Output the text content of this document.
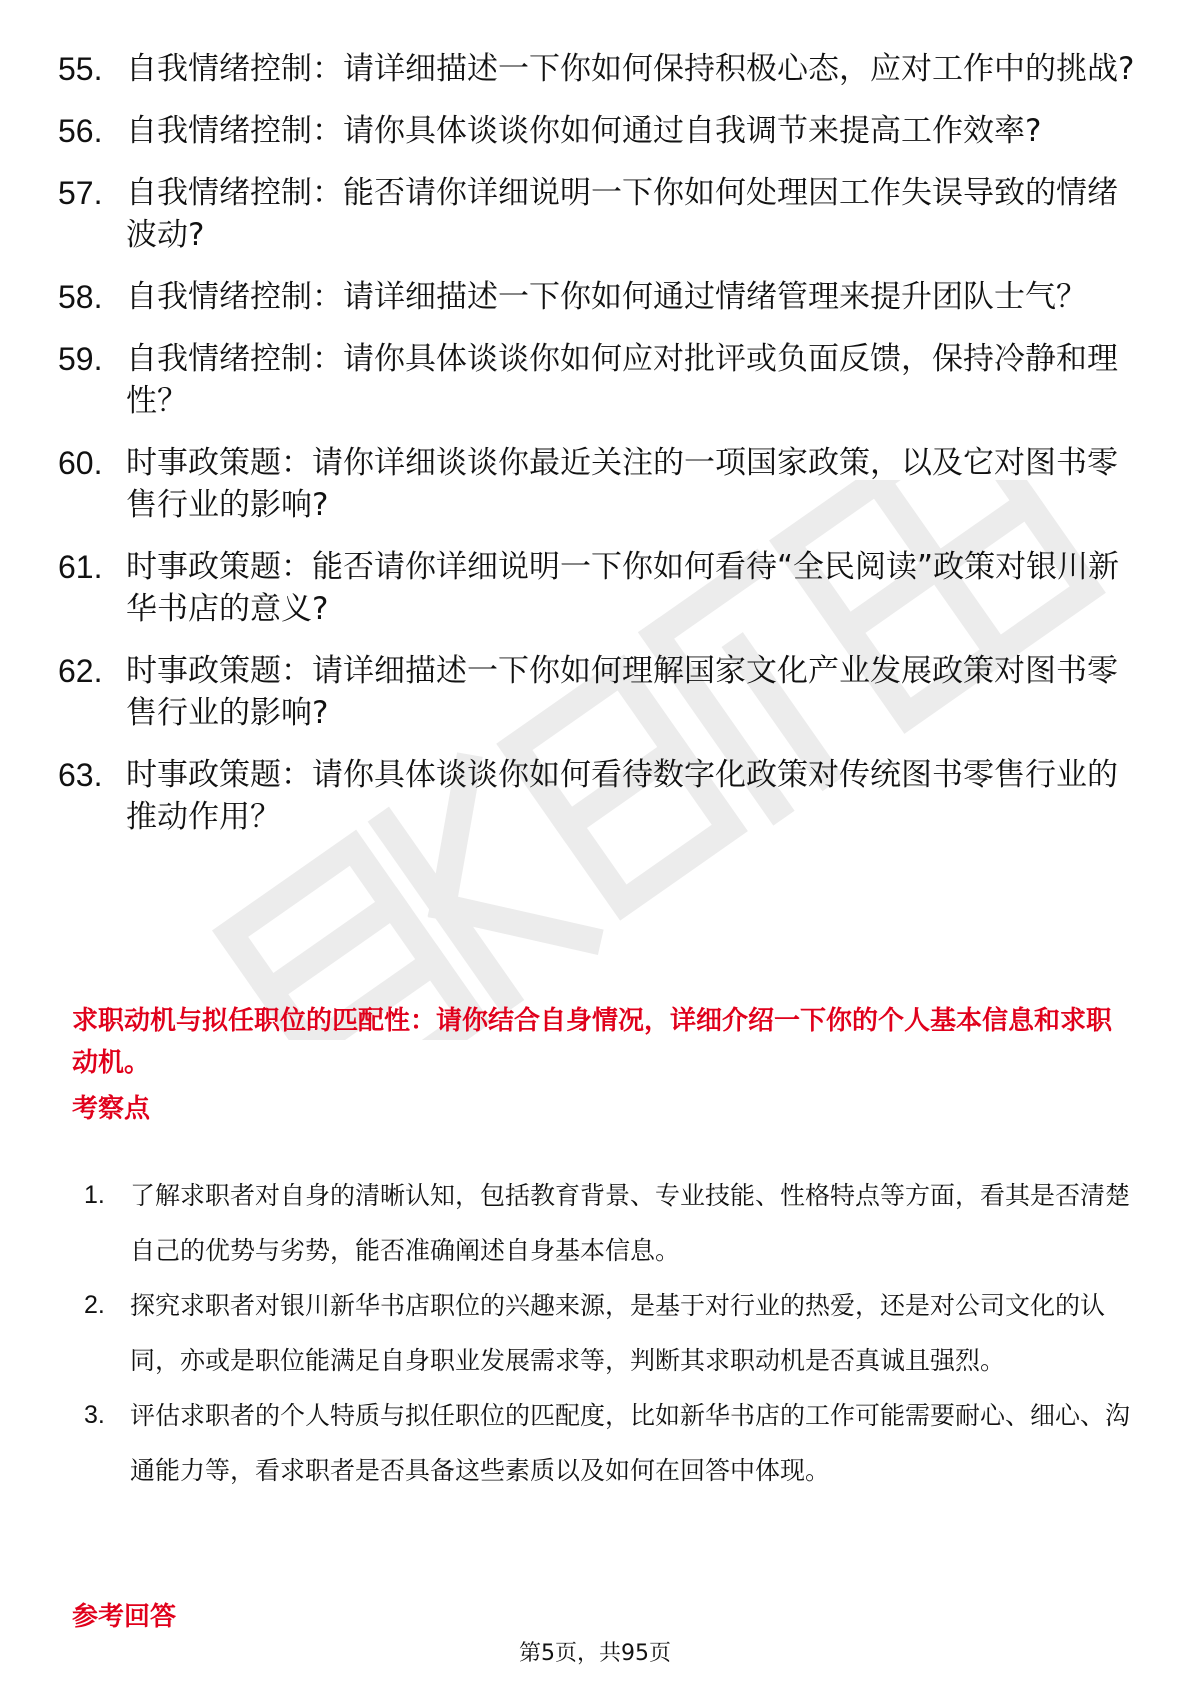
55. 自我情绪控制：请详细描述一下你如何保持积极心态，应对工作中的挑战?
56. 自我情绪控制：请你具体谈谈你如何通过自我调节来提高工作效率?
57. 自我情绪控制：能否请你详细说明一下你如何处理因工作失误导致的情绪波动?
58. 自我情绪控制：请详细描述一下你如何通过情绪管理来提升团队士气？
59. 自我情绪控制：请你具体谈谈你如何应对批评或负面反馈，保持冷静和理性？
60. 时事政策题：请你详细谈谈你最近关注的一项国家政策，以及它对图书零售行业的影响?
61. 时事政策题：能否请你详细说明一下你如何看待“全民阅读”政策对银川新华书店的意义?
62. 时事政策题：请详细描述一下你如何理解国家文化产业发展政策对图书零售行业的影响?
63. 时事政策题：请你具体谈谈你如何看待数字化政策对传统图书零售行业的推动作用？

求职动机与拟任职位的匹配性：请你结合自身情况，详细介绍一下你的个人基本信息和求职动机。

考察点
1.	了解求职者对自身的清晰认知，包括教育背景、专业技能、性格特点等方面，看其是否清楚自己的优势与劣势，能否准确阐述自身基本信息。
2.	探究求职者对银川新华书店职位的兴趣来源，是基于对行业的热爱，还是对公司文化的认同，亦或是职位能满足自身职业发展需求等，判断其求职动机是否真诚且强烈。
3.	评估求职者的个人特质与拟任职位的匹配度，比如新华书店的工作可能需要耐心、细心、沟通能力等，看求职者是否具备这些素质以及如何在回答中体现。
参考回答

第5页，共95页
